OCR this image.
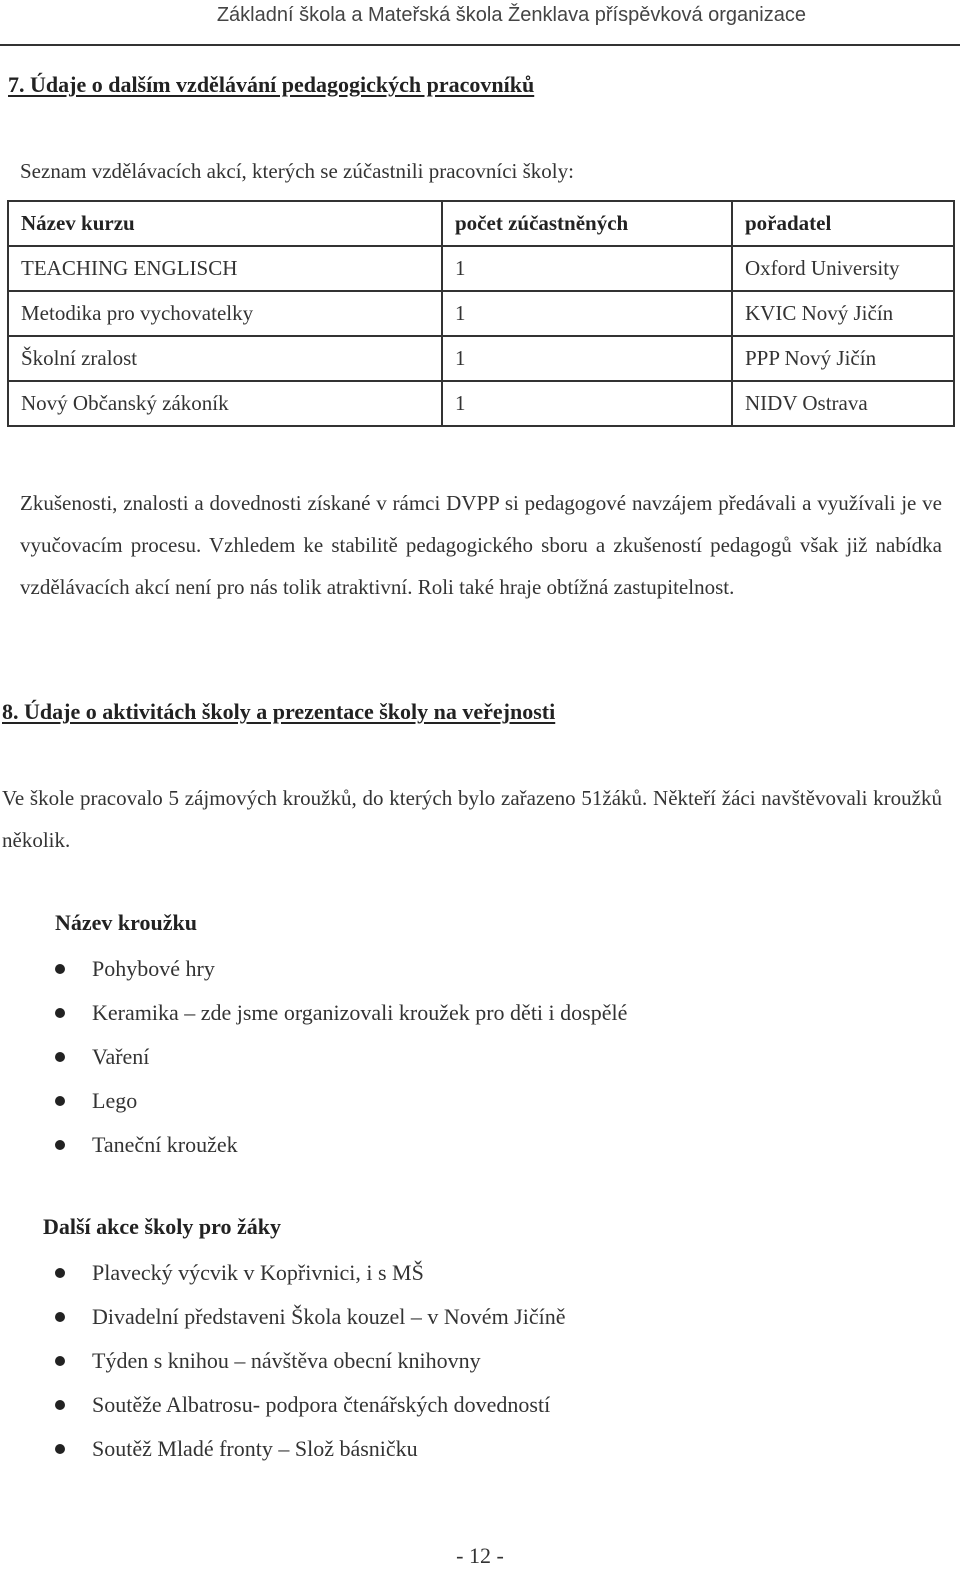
Základní škola a Mateřská škola Ženklava příspěvková organizace
7. Údaje o dalším vzdělávání pedagogických pracovníků
Seznam vzdělávacích akcí, kterých se zúčastnili pracovníci školy:
Název kurzu	počet zúčastněných	pořadatel
TEACHING ENGLISCH	1	Oxford University
Metodika pro vychovatelky	1	KVIC Nový Jičín
Školní zralost	1	PPP Nový Jičín
Nový Občanský zákoník	1	NIDV Ostrava
Zkušenosti, znalosti a dovednosti získané v rámci DVPP si pedagogové navzájem předávali a využívali je ve vyučovacím procesu. Vzhledem ke stabilitě pedagogického sboru a zkušeností pedagogů však již nabídka vzdělávacích akcí není pro nás tolik atraktivní. Roli také hraje obtížná zastupitelnost.
8. Údaje o aktivitách školy a prezentace školy na veřejnosti
Ve škole pracovalo 5 zájmových kroužků, do kterých bylo zařazeno 51žáků. Někteří žáci navštěvovali kroužků několik.
Název kroužku
Pohybové hry
Keramika – zde jsme organizovali kroužek pro děti i dospělé
Vaření
Lego
Taneční kroužek
Další akce školy pro žáky
Plavecký výcvik v Kopřivnici, i s MŠ
Divadelní představeni Škola kouzel – v Novém Jičíně
Týden s knihou – návštěva obecní knihovny
Soutěže Albatrosu- podpora čtenářských dovedností
Soutěž Mladé fronty – Slož básničku
- 12 -
